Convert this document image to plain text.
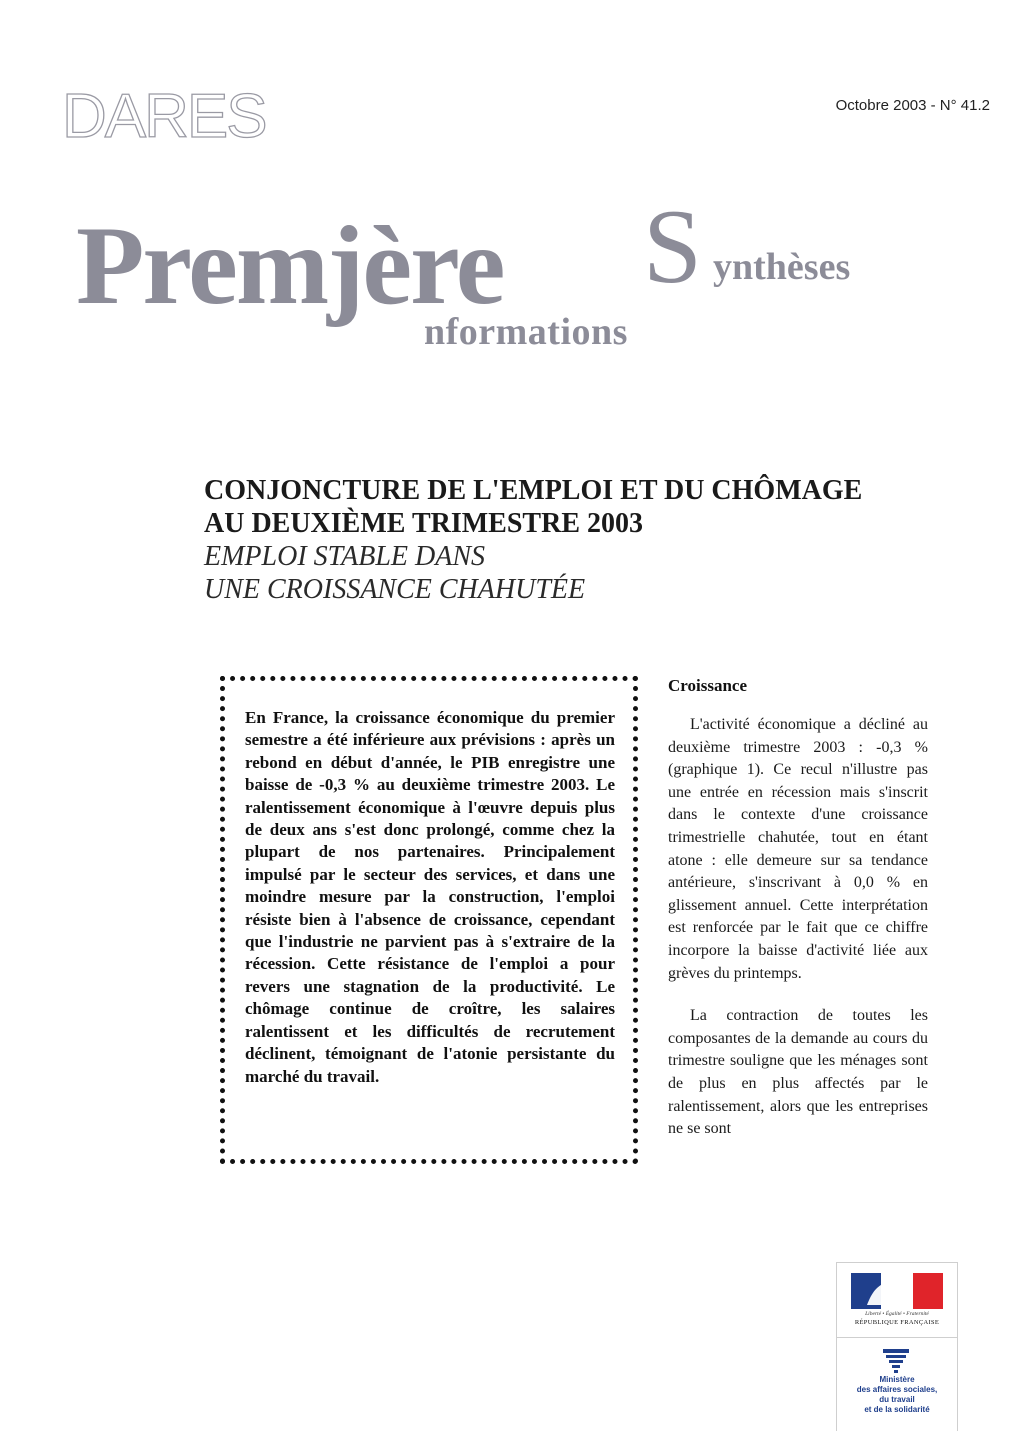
DARES	Octobre 2003 - N° 41.2
Premjère S ynthèses
nformations

CONJONCTURE DE L'EMPLOI ET DU CHÔMAGE

AU DEUXIÈME TRIMESTRE 2003

EMPLOI STABLE DANS

UNE CROISSANCE CHAHUTÉE

En France, la croissance économique du premier semestre a été inférieure aux prévisions : après un rebond en début d'année, le PIB enregistre une baisse de -0,3 % au deuxième trimestre 2003. Le ralentissement économique à l'œuvre depuis plus de deux ans s'est donc prolongé, comme chez la plupart de nos partenaires. Principalement impulsé par le secteur des services, et dans une moindre mesure par la construction, l'emploi résiste bien à l'absence de croissance, cependant que l'industrie ne parvient pas à s'extraire de la récession. Cette résistance de l'emploi a pour revers une stagnation de la productivité. Le chômage continue de croître, les salaires ralentissent et les difficultés de recrutement déclinent, témoignant de l'atonie persistante du marché du travail.

Croissance

L'activité économique a décliné au deuxième trimestre 2003 : -0,3 % (graphique 1). Ce recul n'illustre pas une entrée en récession mais s'inscrit dans le contexte d'une croissance trimestrielle chahutée, tout en étant atone : elle demeure sur sa tendance antérieure, s'inscrivant à 0,0 % en glissement annuel. Cette interprétation est renforcée par le fait que ce chiffre incorpore la baisse d'activité liée aux grèves du printemps.

La contraction de toutes les composantes de la demande au cours du trimestre souligne que les ménages sont de plus en plus affectés par le ralentissement, alors que les entreprises ne se sont

Liberté • Égalité • Fraternité
RÉPUBLIQUE FRANÇAISE
Ministère
des affaires sociales,
du travail
et de la solidarité
